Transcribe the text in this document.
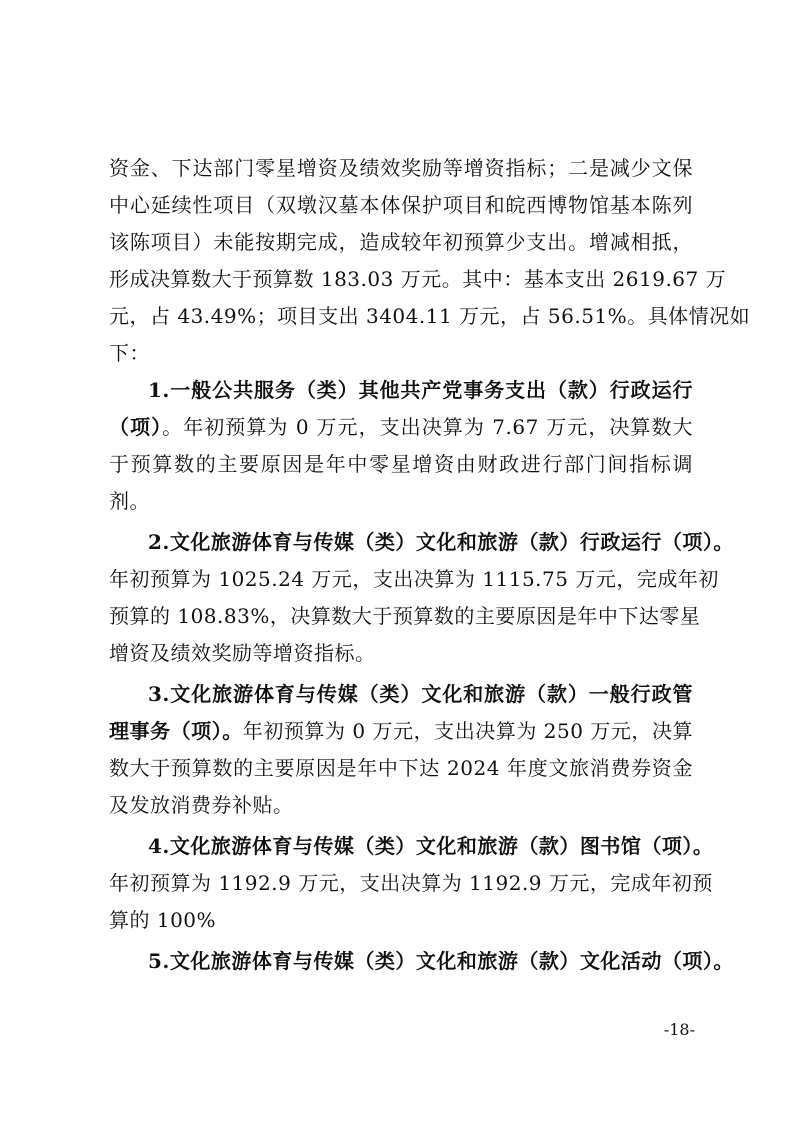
资金、下达部门零星增资及绩效奖励等增资指标；二是减少文保
中心延续性项目（双墩汉墓本体保护项目和皖西博物馆基本陈列
该陈项目）未能按期完成，造成较年初预算少支出。增减相抵，
形成决算数大于预算数 183.03 万元。其中：基本支出 2619.67 万
元，占 43.49%；项目支出 3404.11 万元，占 56.51%。具体情况如
下：
1.一般公共服务（类）其他共产党事务支出（款）行政运行
（项）。年初预算为 0 万元，支出决算为 7.67 万元，决算数大
于预算数的主要原因是年中零星增资由财政进行部门间指标调
剂。
2.文化旅游体育与传媒（类）文化和旅游（款）行政运行（项）。
年初预算为 1025.24 万元，支出决算为 1115.75 万元，完成年初
预算的 108.83%，决算数大于预算数的主要原因是年中下达零星
增资及绩效奖励等增资指标。
3.文化旅游体育与传媒（类）文化和旅游（款）一般行政管
理事务（项）。年初预算为 0 万元，支出决算为 250 万元，决算
数大于预算数的主要原因是年中下达 2024 年度文旅消费券资金
及发放消费券补贴。
4.文化旅游体育与传媒（类）文化和旅游（款）图书馆（项）。
年初预算为 1192.9 万元，支出决算为 1192.9 万元，完成年初预
算的 100%
5.文化旅游体育与传媒（类）文化和旅游（款）文化活动（项）。
-18-
